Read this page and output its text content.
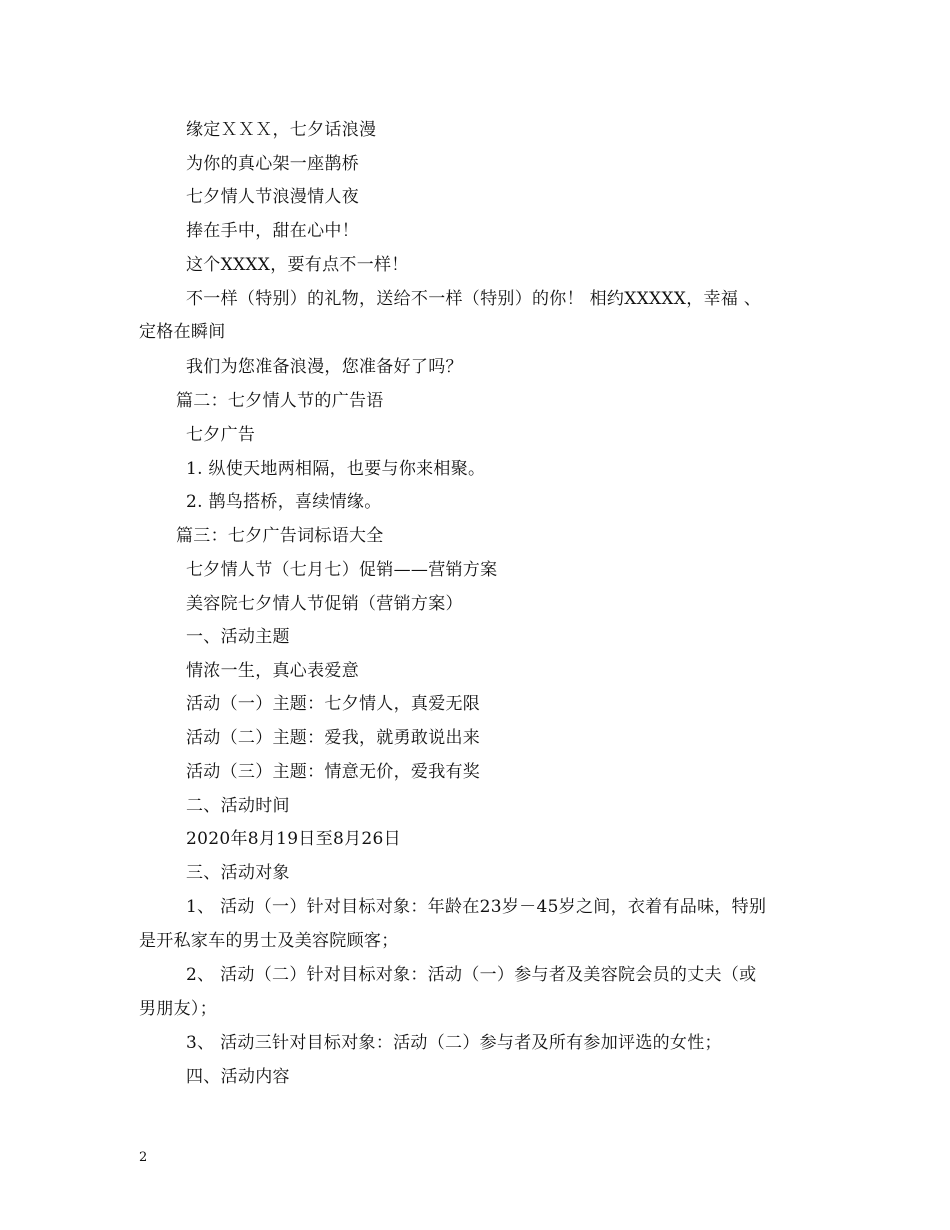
缘定ＸＸＸ，七夕话浪漫
为你的真心架一座鹊桥
七夕情人节浪漫情人夜
捧在手中，甜在心中！
这个XXXX，要有点不一样！
不一样（特别）的礼物，送给不一样（特别）的你！ 相约XXXXX，幸福 、
定格在瞬间
我们为您准备浪漫，您准备好了吗？
篇二：七夕情人节的广告语
七夕广告
1. 纵使天地两相隔，也要与你来相聚。
2. 鹊鸟搭桥，喜续情缘。
篇三：七夕广告词标语大全
七夕情人节（七月七）促销——营销方案
美容院七夕情人节促销（营销方案）
一、活动主题
情浓一生，真心表爱意
活动（一）主题：七夕情人，真爱无限
活动（二）主题：爱我，就勇敢说出来
活动（三）主题：情意无价，爱我有奖
二、活动时间
2020年8月19日至8月26日
三、活动对象
1、 活动（一）针对目标对象：年龄在23岁－45岁之间，衣着有品味，特别
是开私家车的男士及美容院顾客；
2、 活动（二）针对目标对象：活动（一）参与者及美容院会员的丈夫（或
男朋友）；
3、 活动三针对目标对象：活动（二）参与者及所有参加评选的女性；
四、活动内容
2
